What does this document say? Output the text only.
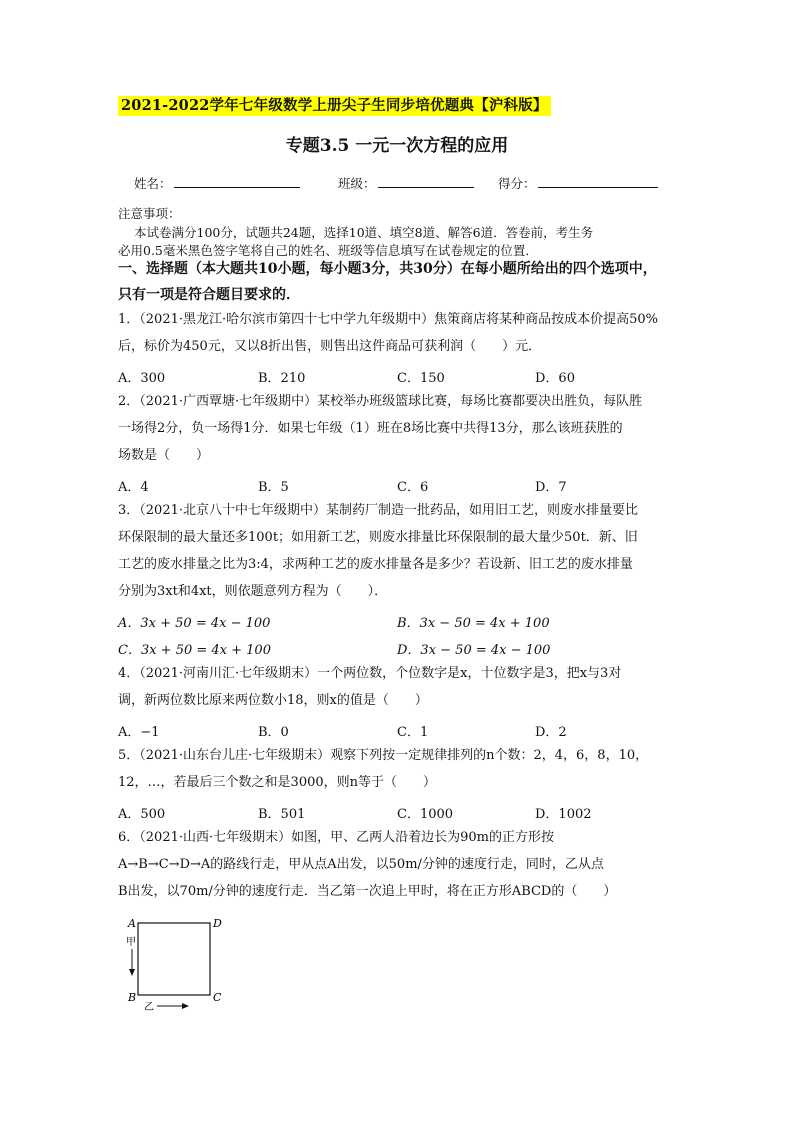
2021-2022学年七年级数学上册尖子生同步培优题典【沪科版】
专题3.5 一元一次方程的应用
姓名：	班级：	得分：
注意事项：
本试卷满分100分，试题共24题，选择10道、填空8道、解答6道．答卷前，考生务
必用0.5毫米黑色签字笔将自己的姓名、班级等信息填写在试卷规定的位置．
一、选择题（本大题共10小题，每小题3分，共30分）在每小题所给出的四个选项中，
只有一项是符合题目要求的．
1．（2021·黑龙江·哈尔滨市第四十七中学九年级期中）焦策商店将某种商品按成本价提高50%
后，标价为450元，又以8折出售，则售出这件商品可获利润（　　）元．
A．300	B．210	C．150	D．60
2．（2021·广西覃塘·七年级期中）某校举办班级篮球比赛，每场比赛都要决出胜负，每队胜
一场得2分，负一场得1分．如果七年级（1）班在8场比赛中共得13分，那么该班获胜的
场数是（　　）
A．4	B．5	C．6	D．7
3．（2021·北京八十中七年级期中）某制药厂制造一批药品，如用旧工艺，则废水排量要比
环保限制的最大量还多100t；如用新工艺，则废水排量比环保限制的最大量少50t．新、旧
工艺的废水排量之比为3:4，求两种工艺的废水排量各是多少？若设新、旧工艺的废水排量
分别为3xt和4xt，则依题意列方程为（　　）．
A．3x + 50 = 4x − 100	B．3x − 50 = 4x + 100
C．3x + 50 = 4x + 100	D．3x − 50 = 4x − 100
4．（2021·河南川汇·七年级期末）一个两位数，个位数字是x，十位数字是3，把x与3对
调，新两位数比原来两位数小18，则x的值是（　　）
A．−1	B．0	C．1	D．2
5．（2021·山东台儿庄·七年级期末）观察下列按一定规律排列的n个数：2，4，6，8，10，
12，…，若最后三个数之和是3000，则n等于（　　）
A．500	B．501	C．1000	D．1002
6．（2021·山西·七年级期末）如图，甲、乙两人沿着边长为90m的正方形按
A→B→C→D→A的路线行走，甲从点A出发，以50m/分钟的速度行走，同时，乙从点
B出发，以70m/分钟的速度行走．当乙第一次追上甲时，将在正方形ABCD的（　　）
A	D
B	C
甲
乙
